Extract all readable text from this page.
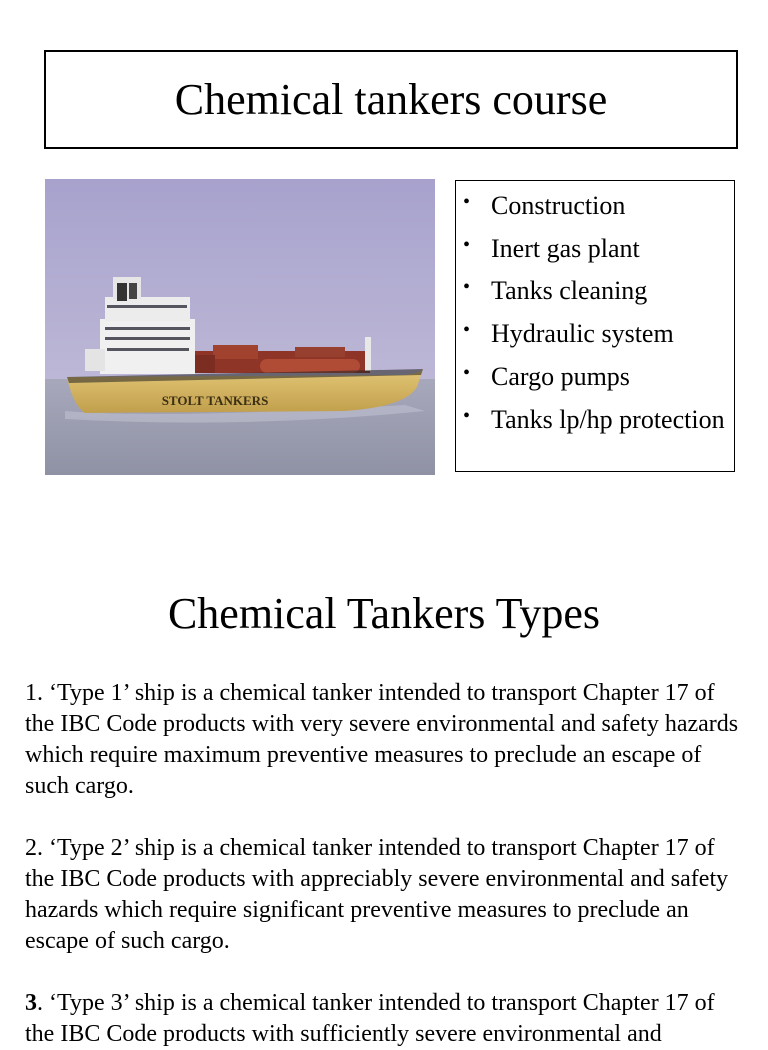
Chemical tankers course
STOLT TANKERS
• Construction
• Inert gas plant
• Tanks cleaning
• Hydraulic system
• Cargo pumps
• Tanks lp/hp protection
Chemical Tankers Types

1. ‘Type 1’ ship is a chemical tanker intended to transport Chapter 17 of the IBC Code products with very severe environmental and safety hazards which require maximum preventive measures to preclude an escape of such cargo.

2. ‘Type 2’ ship is a chemical tanker intended to transport Chapter 17 of the IBC Code products with appreciably severe environmental and safety hazards which require significant preventive measures to preclude an escape of such cargo.

3. ‘Type 3’ ship is a chemical tanker intended to transport Chapter 17 of the IBC Code products with sufficiently severe environmental and
